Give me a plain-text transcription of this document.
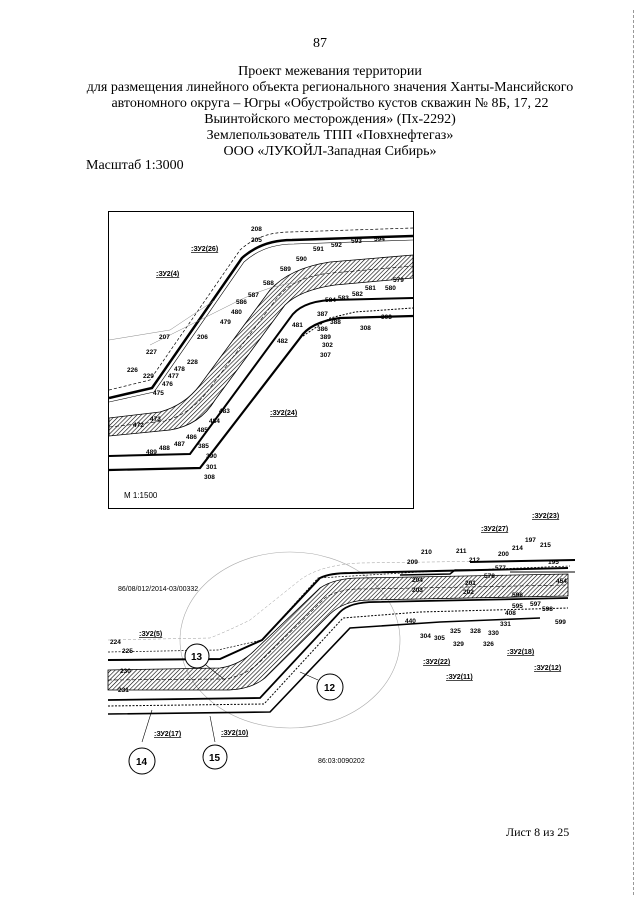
87
Проект межевания территории
для размещения линейного объекта регионального значения Ханты-Мансийского
автономного округа – Югры «Обустройство кустов скважин № 8Б, 17, 22
Выинтойского месторождения» (Пх-2292)
Землепользователь ТПП «Повхнефтегаз»
ООО «ЛУКОЙЛ-Западная Сибирь»
Масштаб 1:3000
208
205
591
592
593 594
590
589
588
587
586
480
479
581 580
579
582
583
584
481
387
388
303
386
389
302
308
307
482
207	206
227
228
478
226
229 477
476
475
473
472
483
484
485
486
487
488
489
385
390
301
308
:ЗУ2(26)
:ЗУ2(4)
:ЗУ2(24)
М 1:1500
13
12
14	15
210	211
212
209
204
578
197
214	215
200
195
577
203
201
202
454
596
595 597
598
599
408
331
440
304 305
325
329
328 330
326
224
225
230
231
:ЗУ2(27)
:ЗУ2(23)
:ЗУ2(5)
:ЗУ2(22)
:ЗУ2(11)
:ЗУ2(18)
:ЗУ2(12)
:ЗУ2(17)	:ЗУ2(10)
86/08/012/2014-03/00332
86:03:0090202
Лист 8 из 25
